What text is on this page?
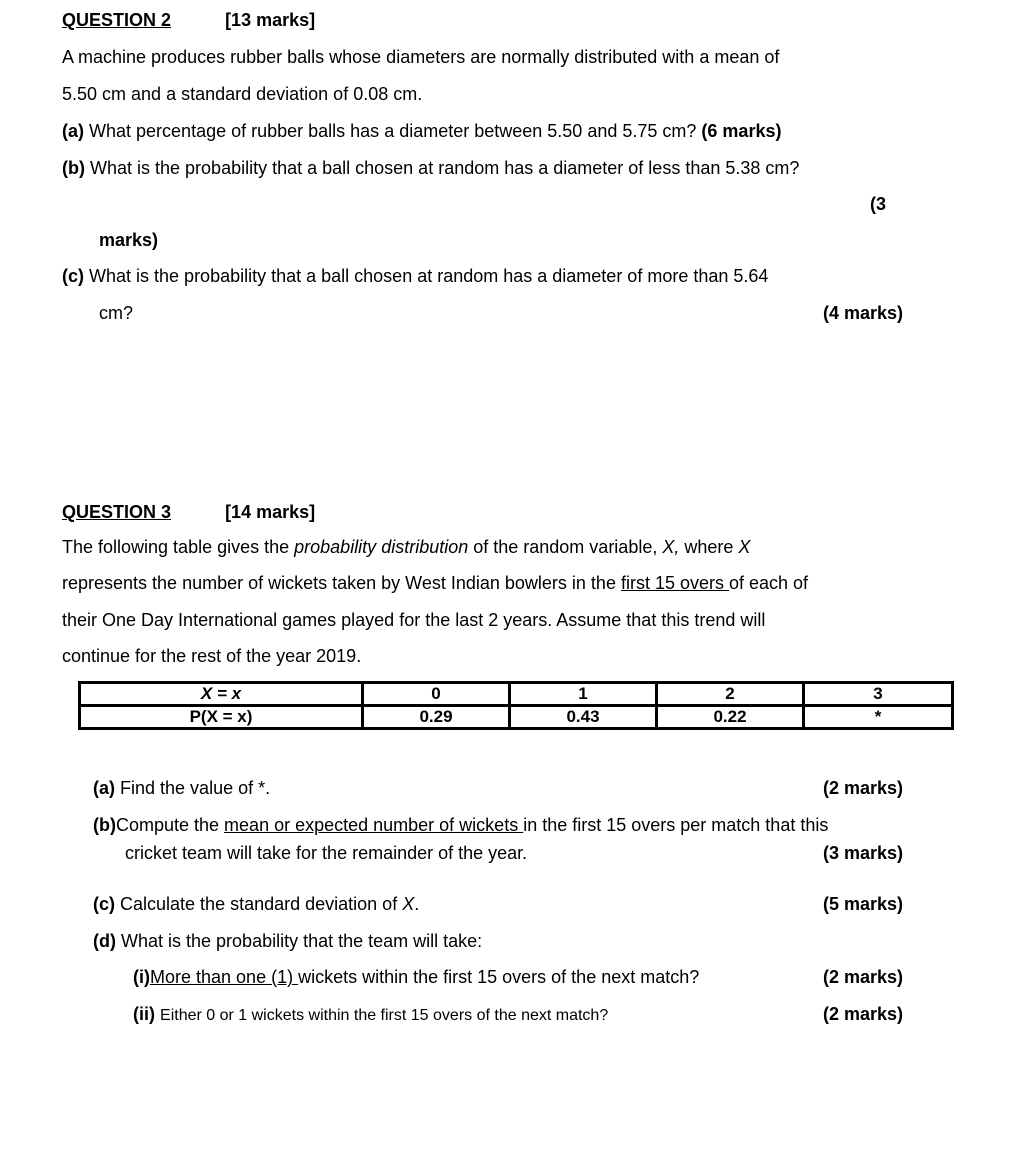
QUESTION 2	[13 marks]
A machine produces rubber balls whose diameters are normally distributed with a mean of
5.50 cm and a standard deviation of 0.08 cm.
(a) What percentage of rubber balls has a diameter between 5.50 and 5.75 cm? (6 marks)
(b) What is the probability that a ball chosen at random has a diameter of less than 5.38 cm?
(3
marks)
(c) What is the probability that a ball chosen at random has a diameter of more than 5.64
cm?	(4 marks)
QUESTION 3	[14 marks]
The following table gives the probability distribution of the random variable, X, where X
represents the number of wickets taken by West Indian bowlers in the first 15 overs of each of
their One Day International games played for the last 2 years. Assume that this trend will
continue for the rest of the year 2019.
X = x	0	1	2	3
P(X = x)	0.29	0.43	0.22	*
(a) Find the value of *.	(2 marks)
(b)Compute the mean or expected number of wickets in the first 15 overs per match that this
cricket team will take for the remainder of the year.	(3 marks)
(c) Calculate the standard deviation of X.	(5 marks)
(d) What is the probability that the team will take:
(i)More than one (1) wickets within the first 15 overs of the next match?	(2 marks)
(ii) Either 0 or 1 wickets within the first 15 overs of the next match?	(2 marks)
